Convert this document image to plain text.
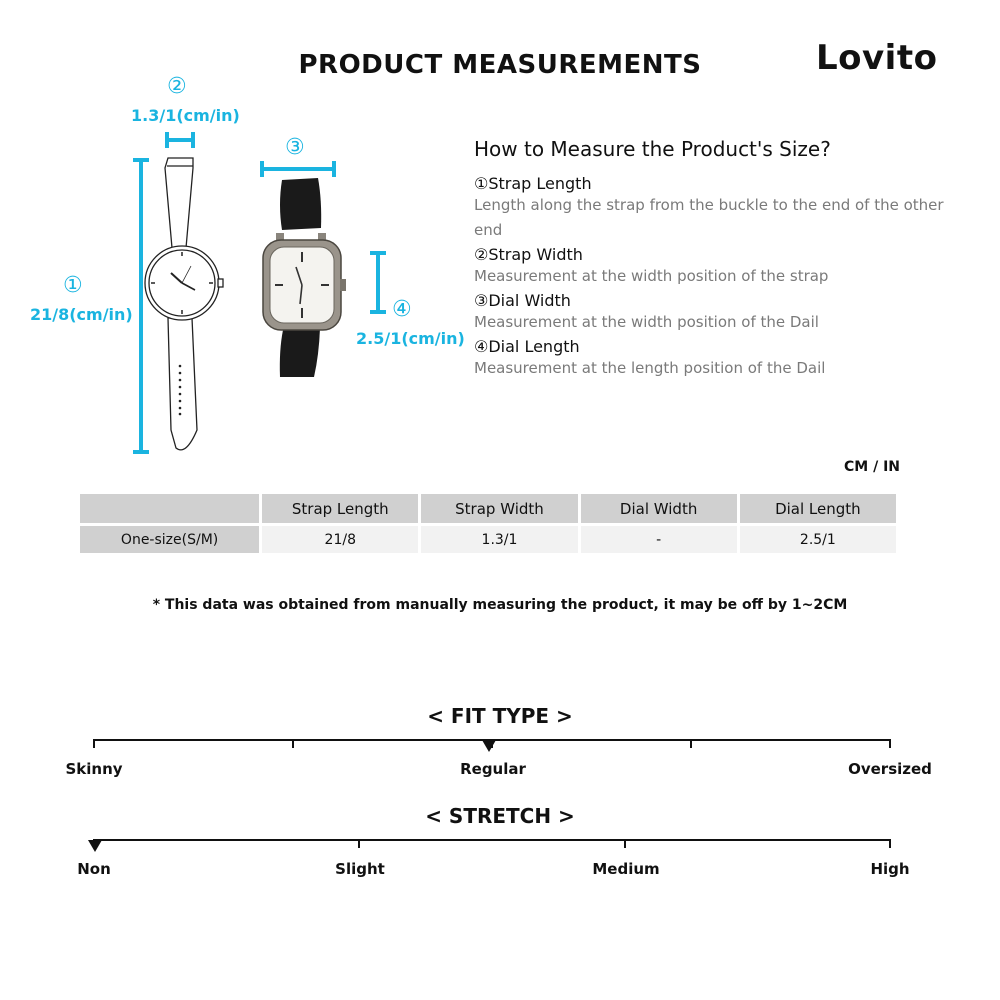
PRODUCT MEASUREMENTS	Lovito
②
1.3/1(cm/in)
③
①
21/8(cm/in)	④
2.5/1(cm/in)
How to Measure the Product's Size?
①Strap Length
Length along the strap from the buckle to the end of the other end
②Strap Width
Measurement at the width position of the strap
③Dial Width
Measurement at the width position of the Dail
④Dial Length
Measurement at the length position of the Dail
CM / IN
	Strap Length	Strap Width	Dial Width	Dial Length
One-size(S/M)	21/8	1.3/1	-	2.5/1
* This data was obtained from manually measuring the product, it may be off by 1~2CM
< FIT TYPE >
Skinny	Regular	Oversized
< STRETCH >
Non	Slight	Medium	High
